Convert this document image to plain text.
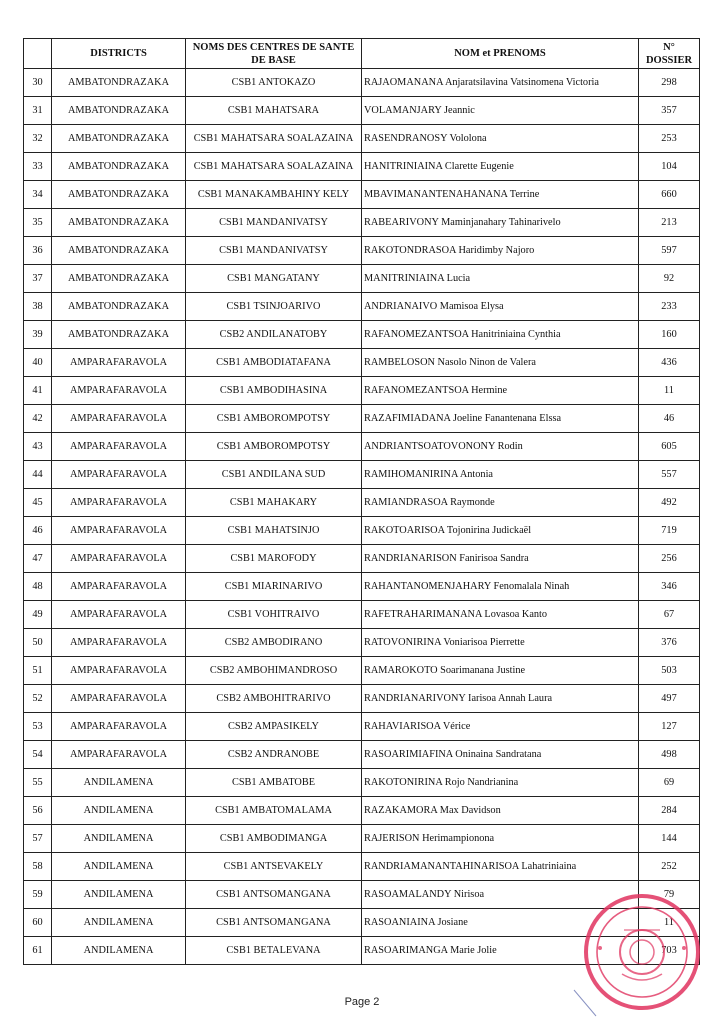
	DISTRICTS	NOMS DES CENTRES DE SANTE DE BASE	NOM et PRENOMS	N° DOSSIER
30	AMBATONDRAZAKA	CSB1 ANTOKAZO	RAJAOMANANA Anjaratsilavina Vatsinomena Victoria	298
31	AMBATONDRAZAKA	CSB1 MAHATSARA	VOLAMANJARY Jeannic	357
32	AMBATONDRAZAKA	CSB1 MAHATSARA SOALAZAINA	RASENDRANOSY Vololona	253
33	AMBATONDRAZAKA	CSB1 MAHATSARA SOALAZAINA	HANITRINIAINA Clarette Eugenie	104
34	AMBATONDRAZAKA	CSB1 MANAKAMBAHINY KELY	MBAVIMANANTENAHANANA Terrine	660
35	AMBATONDRAZAKA	CSB1 MANDANIVATSY	RABEARIVONY Maminjanahary Tahinarivelo	213
36	AMBATONDRAZAKA	CSB1 MANDANIVATSY	RAKOTONDRASOA Haridimby Najoro	597
37	AMBATONDRAZAKA	CSB1 MANGATANY	MANITRINIAINA Lucia	92
38	AMBATONDRAZAKA	CSB1 TSINJOARIVO	ANDRIANAIVO Mamisoa Elysa	233
39	AMBATONDRAZAKA	CSB2 ANDILANATOBY	RAFANOMEZANTSOA Hanitriniaina Cynthia	160
40	AMPARAFARAVOLA	CSB1 AMBODIATAFANA	RAMBELOSON Nasolo Ninon de Valera	436
41	AMPARAFARAVOLA	CSB1 AMBODIHASINA	RAFANOMEZANTSOA Hermine	11
42	AMPARAFARAVOLA	CSB1 AMBOROMPOTSY	RAZAFIMIADANA Joeline Fanantenana Elssa	46
43	AMPARAFARAVOLA	CSB1 AMBOROMPOTSY	ANDRIANTSOATOVONONY Rodin	605
44	AMPARAFARAVOLA	CSB1 ANDILANA SUD	RAMIHOMANIRINA Antonia	557
45	AMPARAFARAVOLA	CSB1 MAHAKARY	RAMIANDRASOA Raymonde	492
46	AMPARAFARAVOLA	CSB1 MAHATSINJO	RAKOTOARISOA Tojonirina Judickaël	719
47	AMPARAFARAVOLA	CSB1 MAROFODY	RANDRIANARISON Fanirisoa Sandra	256
48	AMPARAFARAVOLA	CSB1 MIARINARIVO	RAHANTANOMENJAHARY Fenomalala Ninah	346
49	AMPARAFARAVOLA	CSB1 VOHITRAIVO	RAFETRAHARIMANANA Lovasoa Kanto	67
50	AMPARAFARAVOLA	CSB2 AMBODIRANO	RATOVONIRINA Voniarisoa Pierrette	376
51	AMPARAFARAVOLA	CSB2 AMBOHIMANDROSO	RAMAROKOTO Soarimanana Justine	503
52	AMPARAFARAVOLA	CSB2 AMBOHITRARIVO	RANDRIANARIVONY Iarisoa Annah Laura	497
53	AMPARAFARAVOLA	CSB2 AMPASIKELY	RAHAVIARISOA Vérice	127
54	AMPARAFARAVOLA	CSB2 ANDRANOBE	RASOARIMIAFINA Oninaina Sandratana	498
55	ANDILAMENA	CSB1 AMBATOBE	RAKOTONIRINA Rojo Nandrianina	69
56	ANDILAMENA	CSB1 AMBATOMALAMA	RAZAKAMORA Max Davidson	284
57	ANDILAMENA	CSB1 AMBODIMANGA	RAJERISON Herimampionona	144
58	ANDILAMENA	CSB1 ANTSEVAKELY	RANDRIAMANANTAHINARISOA Lahatriniaina	252
59	ANDILAMENA	CSB1 ANTSOMANGANA	RASOAMALANDY Nirisoa	79
60	ANDILAMENA	CSB1 ANTSOMANGANA	RASOANIAINA Josiane	11
61	ANDILAMENA	CSB1 BETALEVANA	RASOARIMANGA Marie Jolie	703
Page 2
